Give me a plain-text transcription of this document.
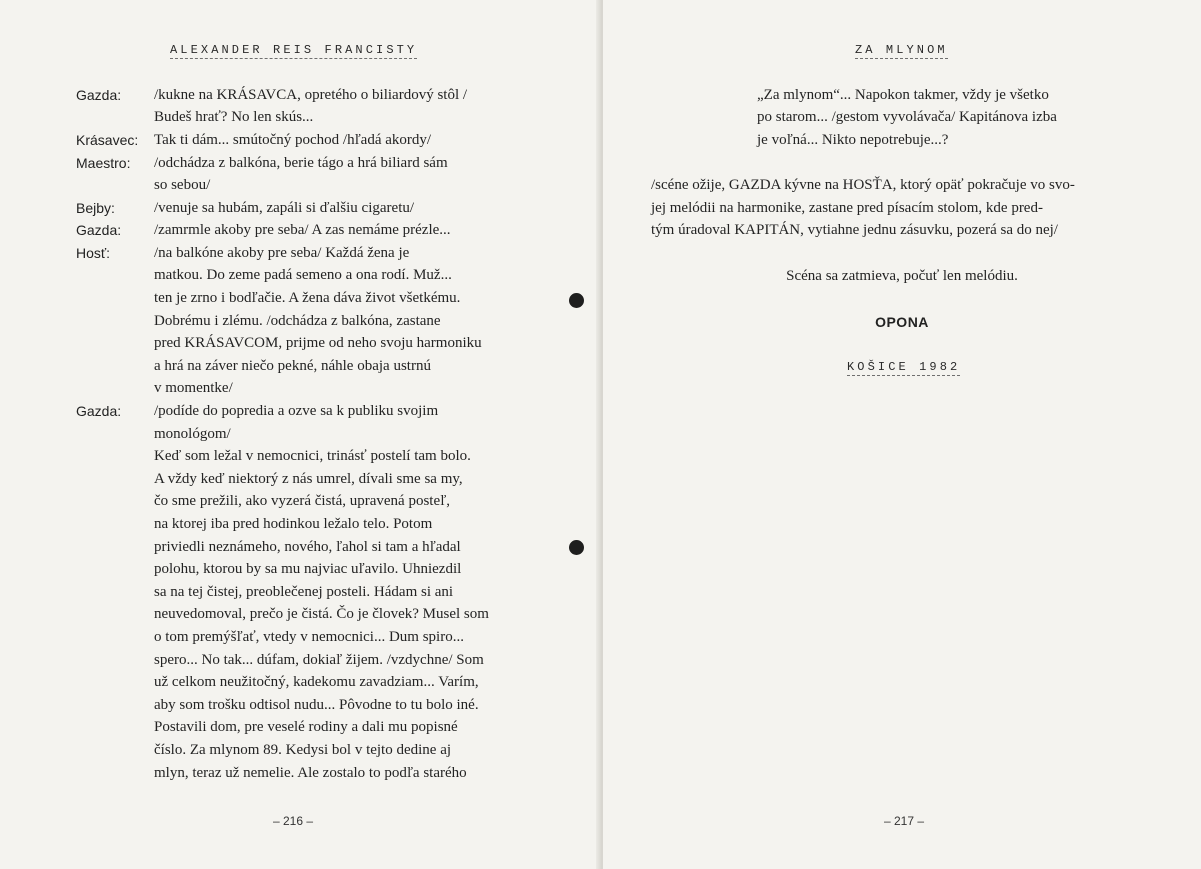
ALEXANDER REIS FRANCISTY
Gazda:
Krásavec:
Maestro:
Bejby:
Gazda:
Hosť:
Gazda:
/kukne na KRÁSAVCA, opretého o biliardový stôl /
Budeš hrať? No len skús...
Tak ti dám... smútočný pochod /hľadá akordy/
/odchádza z balkóna, berie tágo a hrá biliard sám
so sebou/
/venuje sa hubám, zapáli si ďalšiu cigaretu/
/zamrmle akoby pre seba/ A zas nemáme prézle...
/na balkóne akoby pre seba/ Každá žena je
matkou. Do zeme padá semeno a ona rodí. Muž...
ten je zrno i bodľačie. A žena dáva život všetkému.
Dobrému i zlému. /odchádza z balkóna, zastane
pred KRÁSAVCOM, prijme od neho svoju harmoniku
a hrá na záver niečo pekné, náhle obaja ustrnú
v momentke/
/podíde do popredia a ozve sa k publiku svojim
monológom/
Keď som ležal v nemocnici, trinásť postelí tam bolo.
A vždy keď niektorý z nás umrel, dívali sme sa my,
čo sme prežili, ako vyzerá čistá, upravená posteľ,
na ktorej iba pred hodinkou ležalo telo. Potom
priviedli neznámeho, nového, ľahol si tam a hľadal
polohu, ktorou by sa mu najviac uľavilo. Uhniezdil
sa na tej čistej, preoblečenej posteli. Hádam si ani
neuvedomoval, prečo je čistá. Čo je človek? Musel som
o tom premýšľať, vtedy v nemocnici... Dum spiro...
spero... No tak... dúfam, dokiaľ žijem. /vzdychne/ Som
už celkom neužitočný, kadekomu zavadziam... Varím,
aby som trošku odtisol nudu... Pôvodne to tu bolo iné.
Postavili dom, pre veselé rodiny a dali mu popisné
číslo. Za mlynom 89. Kedysi bol v tejto dedine aj
mlyn, teraz už nemelie. Ale zostalo to podľa starého
– 216 –
ZA MLYNOM
„Za mlynom“... Napokon takmer, vždy je všetko
po starom... /gestom vyvolávača/ Kapitánova izba
je voľná... Nikto nepotrebuje...?
/scéne ožije, GAZDA kývne na HOSŤA, ktorý opäť pokračuje vo svo-
jej melódii na harmonike, zastane pred písacím stolom, kde pred-
tým úradoval KAPITÁN, vytiahne jednu zásuvku, pozerá sa do nej/
Scéna sa zatmieva, počuť len melódiu.
OPONA
KOŠICE 1982
– 217 –
